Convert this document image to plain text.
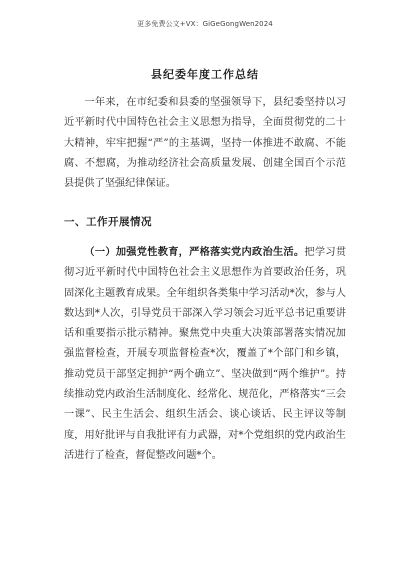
更多免费公文+VX：GiGeGongWen2024
县纪委年度工作总结

一年来，在市纪委和县委的坚强领导下，县纪委坚持以习近平新时代中国特色社会主义思想为指导，全面贯彻党的二十大精神，牢牢把握“严”的主基调，坚持一体推进不敢腐、不能腐、不想腐，为推动经济社会高质量发展、创建全国百个示范县提供了坚强纪律保证。

一、工作开展情况

（一）加强党性教育，严格落实党内政治生活。把学习贯彻习近平新时代中国特色社会主义思想作为首要政治任务，巩固深化主题教育成果。全年组织各类集中学习活动*次，参与人数达到*人次，引导党员干部深入学习领会习近平总书记重要讲话和重要指示批示精神。聚焦党中央重大决策部署落实情况加强监督检查，开展专项监督检查*次，覆盖了*个部门和乡镇，推动党员干部坚定拥护“两个确立”、坚决做到“两个维护”。持续推动党内政治生活制度化、经常化、规范化，严格落实“三会一课”、民主生活会、组织生活会、谈心谈话、民主评议等制度，用好批评与自我批评有力武器，对*个党组织的党内政治生活进行了检查，督促整改问题*个。
